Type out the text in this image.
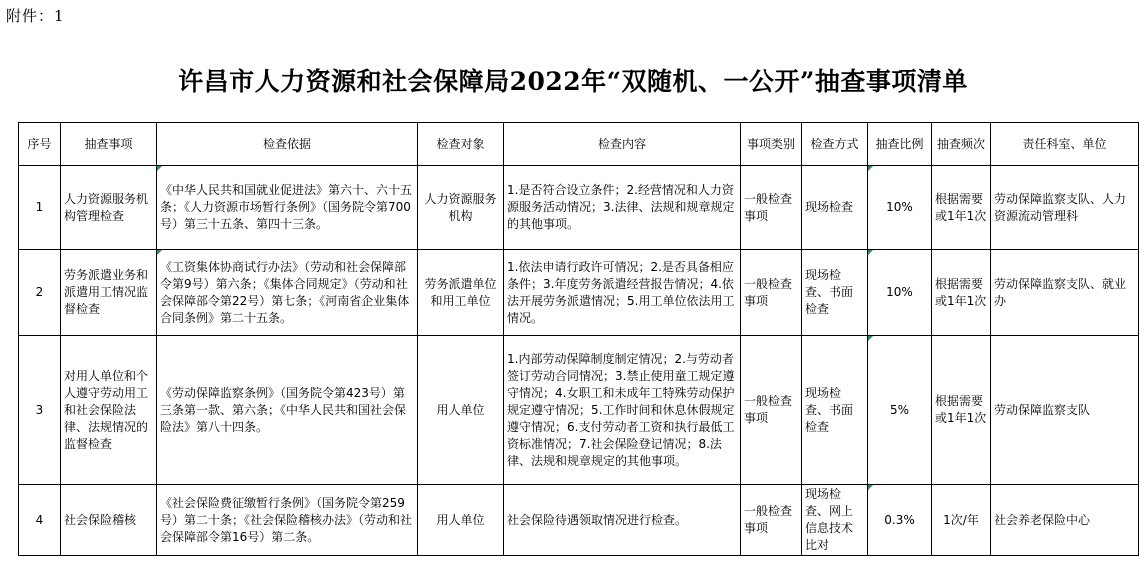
附件：1
许昌市人力资源和社会保障局2022年“双随机、一公开”抽查事项清单
序号	抽查事项	检查依据	检查对象	检查内容	事项类别	检查方式	抽查比例	抽查频次	责任科室、单位
1	人力资源服务机构管理检查	《中华人民共和国就业促进法》第六十、六十五条；《人力资源市场暂行条例》（国务院令第700号）第三十五条、第四十三条。	人力资源服务机构	1.是否符合设立条件；2.经营情况和人力资源服务活动情况；3.法律、法规和规章规定的其他事项。	一般检查事项	现场检查	10%	根据需要或1年1次	劳动保障监察支队、人力资源流动管理科
2	劳务派遣业务和派遣用工情况监督检查	《工资集体协商试行办法》（劳动和社会保障部令第9号）第六条；《集体合同规定》（劳动和社会保障部令第22号）第七条；《河南省企业集体合同条例》第二十五条。	劳务派遣单位和用工单位	1.依法申请行政许可情况；2.是否具备相应条件；3.年度劳务派遣经营报告情况；4.依法开展劳务派遣情况；5.用工单位依法用工情况。	一般检查事项	现场检查、书面检查	10%	根据需要或1年1次	劳动保障监察支队、就业办
3	对用人单位和个人遵守劳动用工和社会保险法律、法规情况的监督检查	《劳动保障监察条例》（国务院令第423号）第三条第一款、第六条；《中华人民共和国社会保险法》第八十四条。	用人单位	1.内部劳动保障制度制定情况；2.与劳动者签订劳动合同情况；3.禁止使用童工规定遵守情况；4.女职工和未成年工特殊劳动保护规定遵守情况；5.工作时间和休息休假规定遵守情况；6.支付劳动者工资和执行最低工资标准情况；7.社会保险登记情况；8.法律、法规和规章规定的其他事项。	一般检查事项	现场检查、书面检查	5%	根据需要或1年1次	劳动保障监察支队
4	社会保险稽核	《社会保险费征缴暂行条例》（国务院令第259号）第二十条；《社会保险稽核办法》（劳动和社会保障部令第16号）第二条。	用人单位	社会保险待遇领取情况进行检查。	一般检查事项	现场检查、网上信息技术比对	0.3%	1次/年	社会养老保险中心
